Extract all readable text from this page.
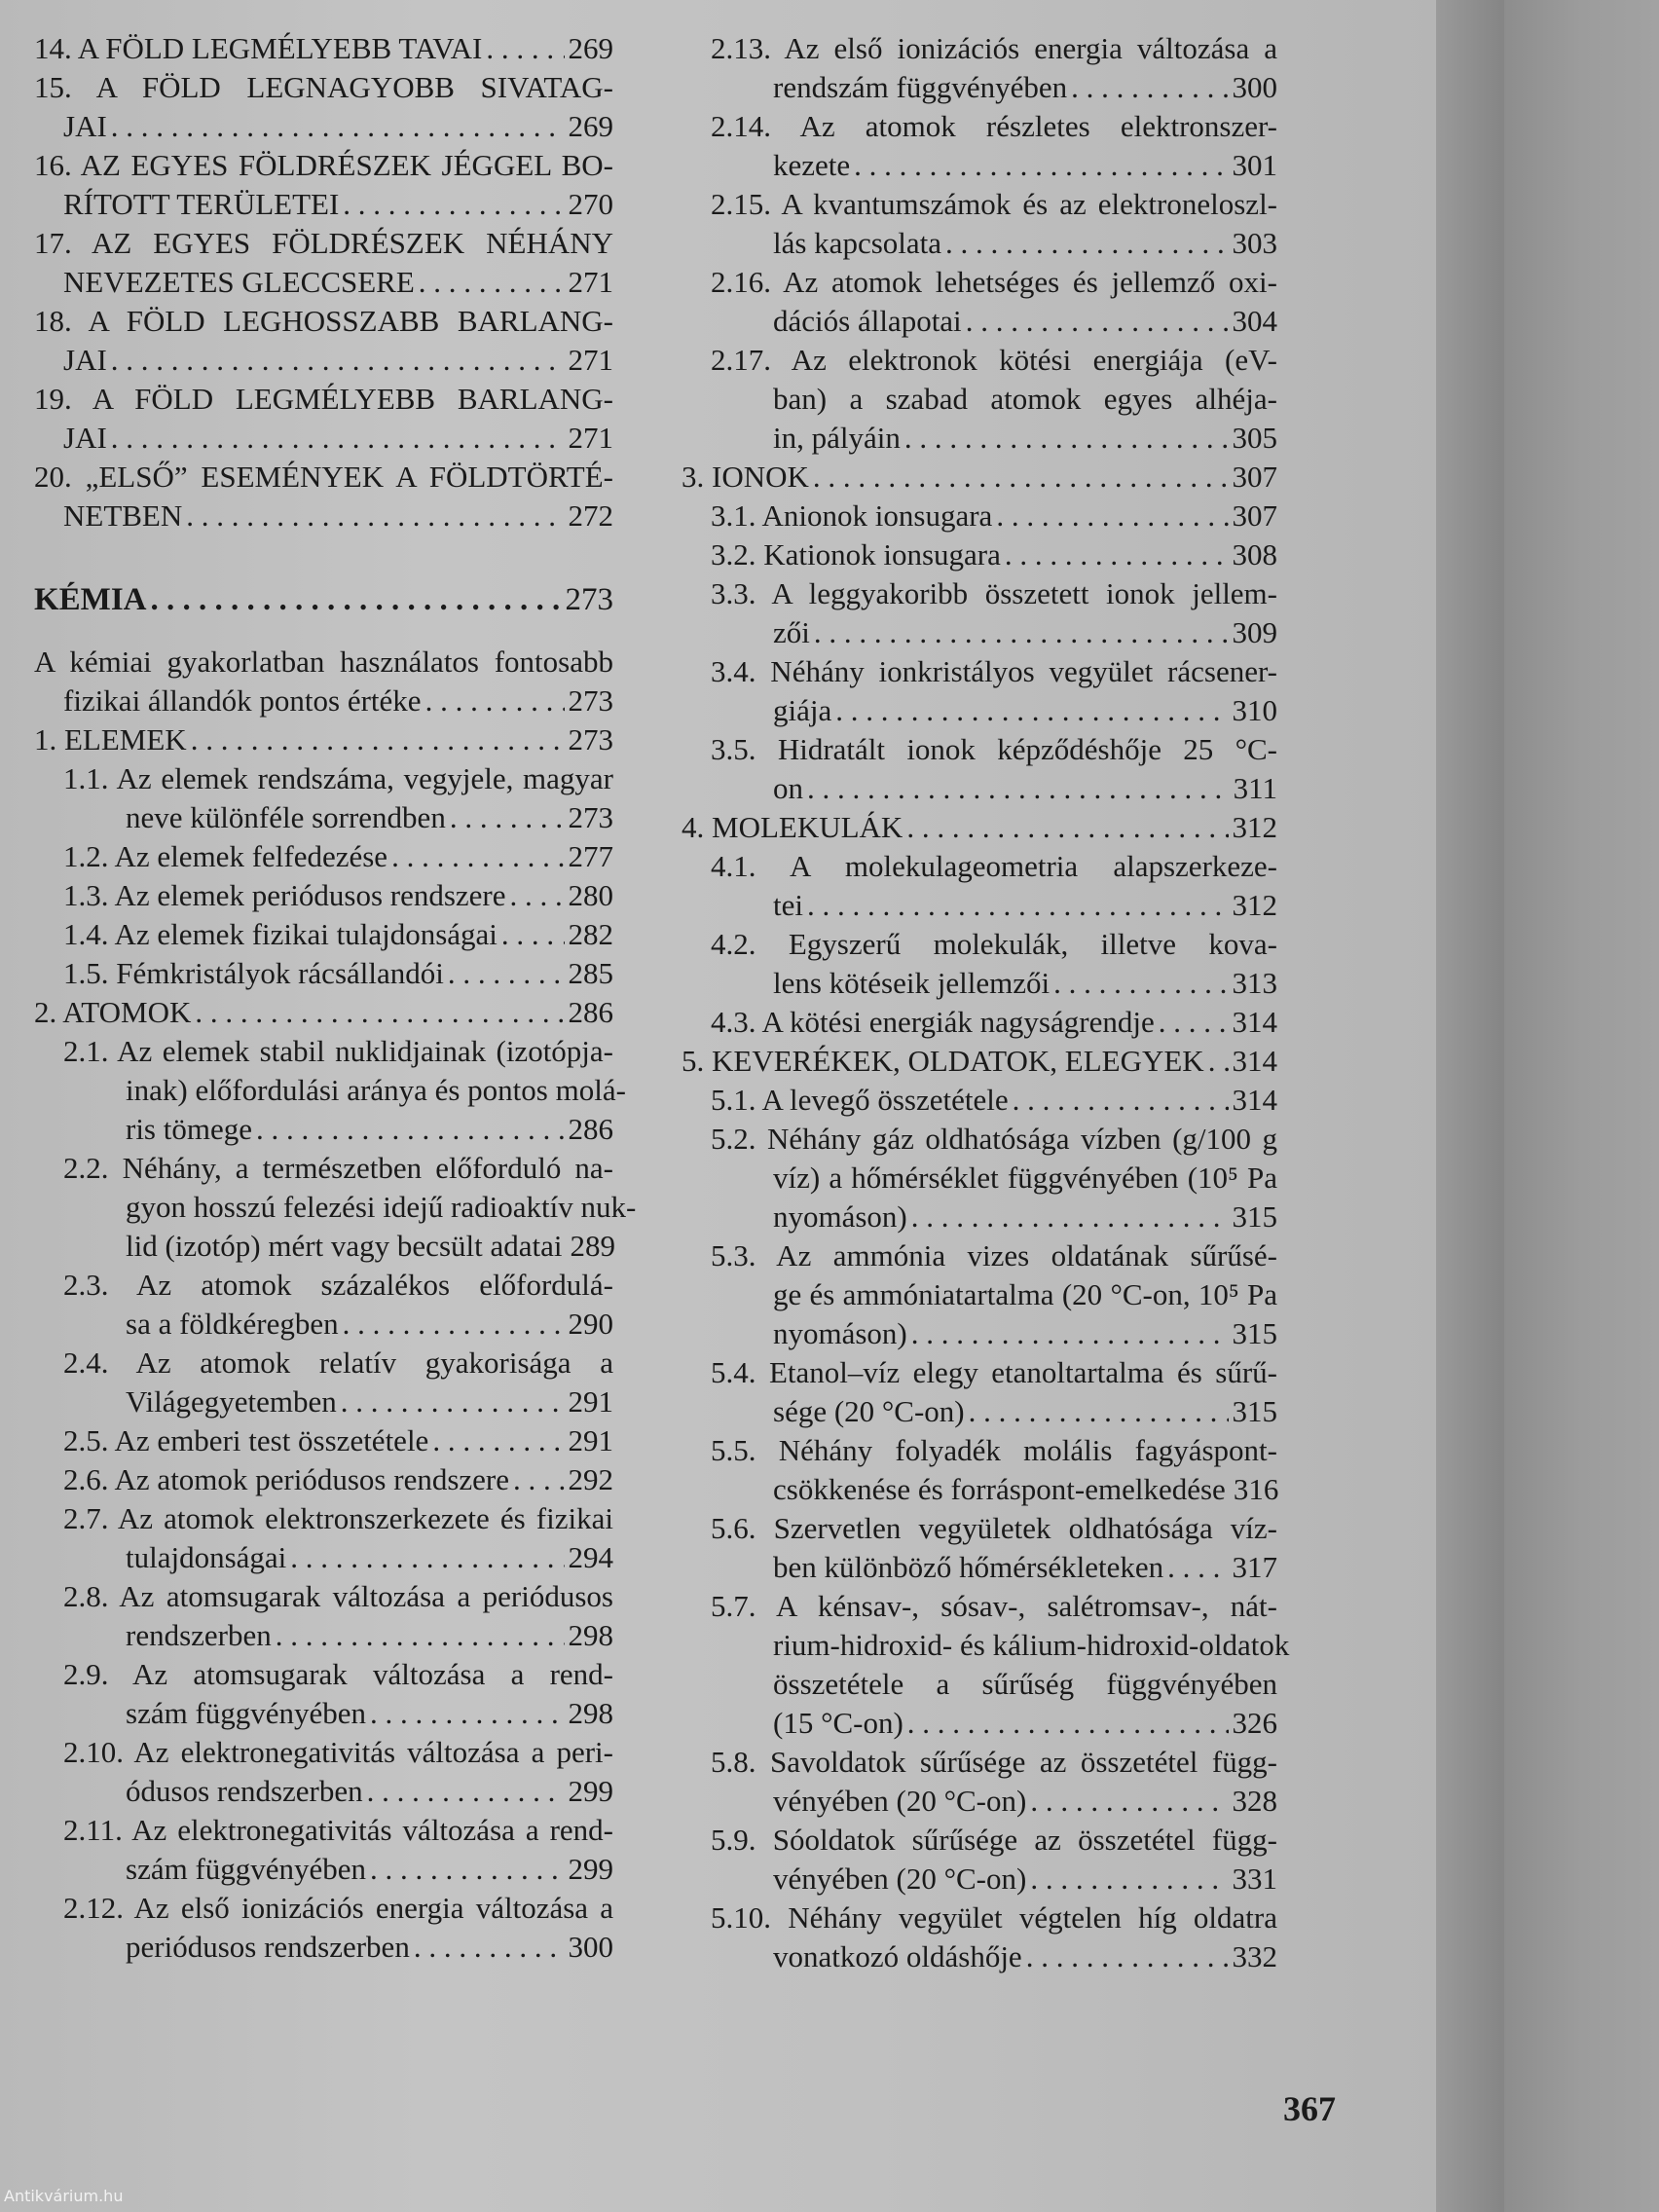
14. A FÖLD LEGMÉLYEBB TAVAI . . .	269
15. A FÖLD LEGNAGYOBB SIVATAG-
JAI . . .	269
16. AZ EGYES FÖLDRÉSZEK JÉGGEL BO-
RÍTOTT TERÜLETEI . . .	270
17. AZ EGYES FÖLDRÉSZEK NÉHÁNY
NEVEZETES GLECCSERE . . .	271
18. A FÖLD LEGHOSSZABB BARLANG-
JAI . . .	271
19. A FÖLD LEGMÉLYEBB BARLANG-
JAI . . .	271
20. „ELSŐ” ESEMÉNYEK A FÖLDTÖRTÉ-
NETBEN . . .	272
KÉMIA . . .	273
A kémiai gyakorlatban használatos fontosabb
fizikai állandók pontos értéke . . .	273
1. ELEMEK . . .	273
1.1. Az elemek rendszáma, vegyjele, magyar
neve különféle sorrendben . . .	273
1.2. Az elemek felfedezése . . .	277
1.3. Az elemek periódusos rendszere . . . 280
1.4. Az elemek fizikai tulajdonságai . . . 282
1.5. Fémkristályok rácsállandói . . .	285
2. ATOMOK . . .	286
2.1. Az elemek stabil nuklidjainak (izotópja-
inak) előfordulási aránya és pontos molá-
ris tömege . . .	286
2.2. Néhány, a természetben előforduló na-
gyon hosszú felezési idejű radioaktív nuk-
lid (izotóp) mért vagy becsült adatai 289
2.3. Az atomok százalékos előfordulá-
sa a földkéregben . . .	290
2.4. Az atomok relatív gyakorisága a
Világegyetemben . . .	291
2.5. Az emberi test összetétele . . .	291
2.6. Az atomok periódusos rendszere . . . 292
2.7. Az atomok elektronszerkezete és fizikai
tulajdonságai . . .	294
2.8. Az atomsugarak változása a periódusos
rendszerben . . .	298
2.9. Az atomsugarak változása a rend-
szám függvényében . . .	298
2.10. Az elektronegativitás változása a peri-
ódusos rendszerben . . .	299
2.11. Az elektronegativitás változása a rend-
szám függvényében . . .	299
2.12. Az első ionizációs energia változása a
periódusos rendszerben . . .	300
2.13. Az első ionizációs energia változása a
rendszám függvényében . . .	300
2.14. Az atomok részletes elektronszer-
kezete . . .	301
2.15. A kvantumszámok és az elektroneloszl-
lás kapcsolata . . .	303
2.16. Az atomok lehetséges és jellemző oxi-
dációs állapotai . . .	304
2.17. Az elektronok kötési energiája (eV-
ban) a szabad atomok egyes alhéja-
in, pályáin . . .	305
3. IONOK . . .	307
3.1. Anionok ionsugara . . .	307
3.2. Kationok ionsugara . . .	308
3.3. A leggyakoribb összetett ionok jellem-
zői . . .	309
3.4. Néhány ionkristályos vegyület rácsener-
giája . . .	310
3.5. Hidratált ionok képződéshője 25 °C-
on . . .	311
4. MOLEKULÁK . . .	312
4.1. A molekulageometria alapszerkeze-
tei . . .	312
4.2. Egyszerű molekulák, illetve kova-
lens kötéseik jellemzői . . .	313
4.3. A kötési energiák nagyságrendje . . .	314
5. KEVERÉKEK, OLDATOK, ELEGYEK . . . 314
5.1. A levegő összetétele . . .	314
5.2. Néhány gáz oldhatósága vízben (g/100 g
víz) a hőmérséklet függvényében (10⁵ Pa
nyomáson) . . .	315
5.3. Az ammónia vizes oldatának sűrűsé-
ge és ammóniatartalma (20 °C-on, 10⁵ Pa
nyomáson) . . .	315
5.4. Etanol–víz elegy etanoltartalma és sűrű-
sége (20 °C-on) . . .	315
5.5. Néhány folyadék molális fagyáspont-
csökkenése és forráspont-emelkedése 316
5.6. Szervetlen vegyületek oldhatósága víz-
ben különböző hőmérsékleteken . . . 317
5.7. A kénsav-, sósav-, salétromsav-, nát-
rium-hidroxid- és kálium-hidroxid-oldatok
összetétele a sűrűség függvényében
(15 °C-on) . . .	326
5.8. Savoldatok sűrűsége az összetétel függ-
vényében (20 °C-on) . . .	328
5.9. Sóoldatok sűrűsége az összetétel függ-
vényében (20 °C-on) . . .	331
5.10. Néhány vegyület végtelen híg oldatra
vonatkozó oldáshője . . .	332
367
Antikvárium.hu
